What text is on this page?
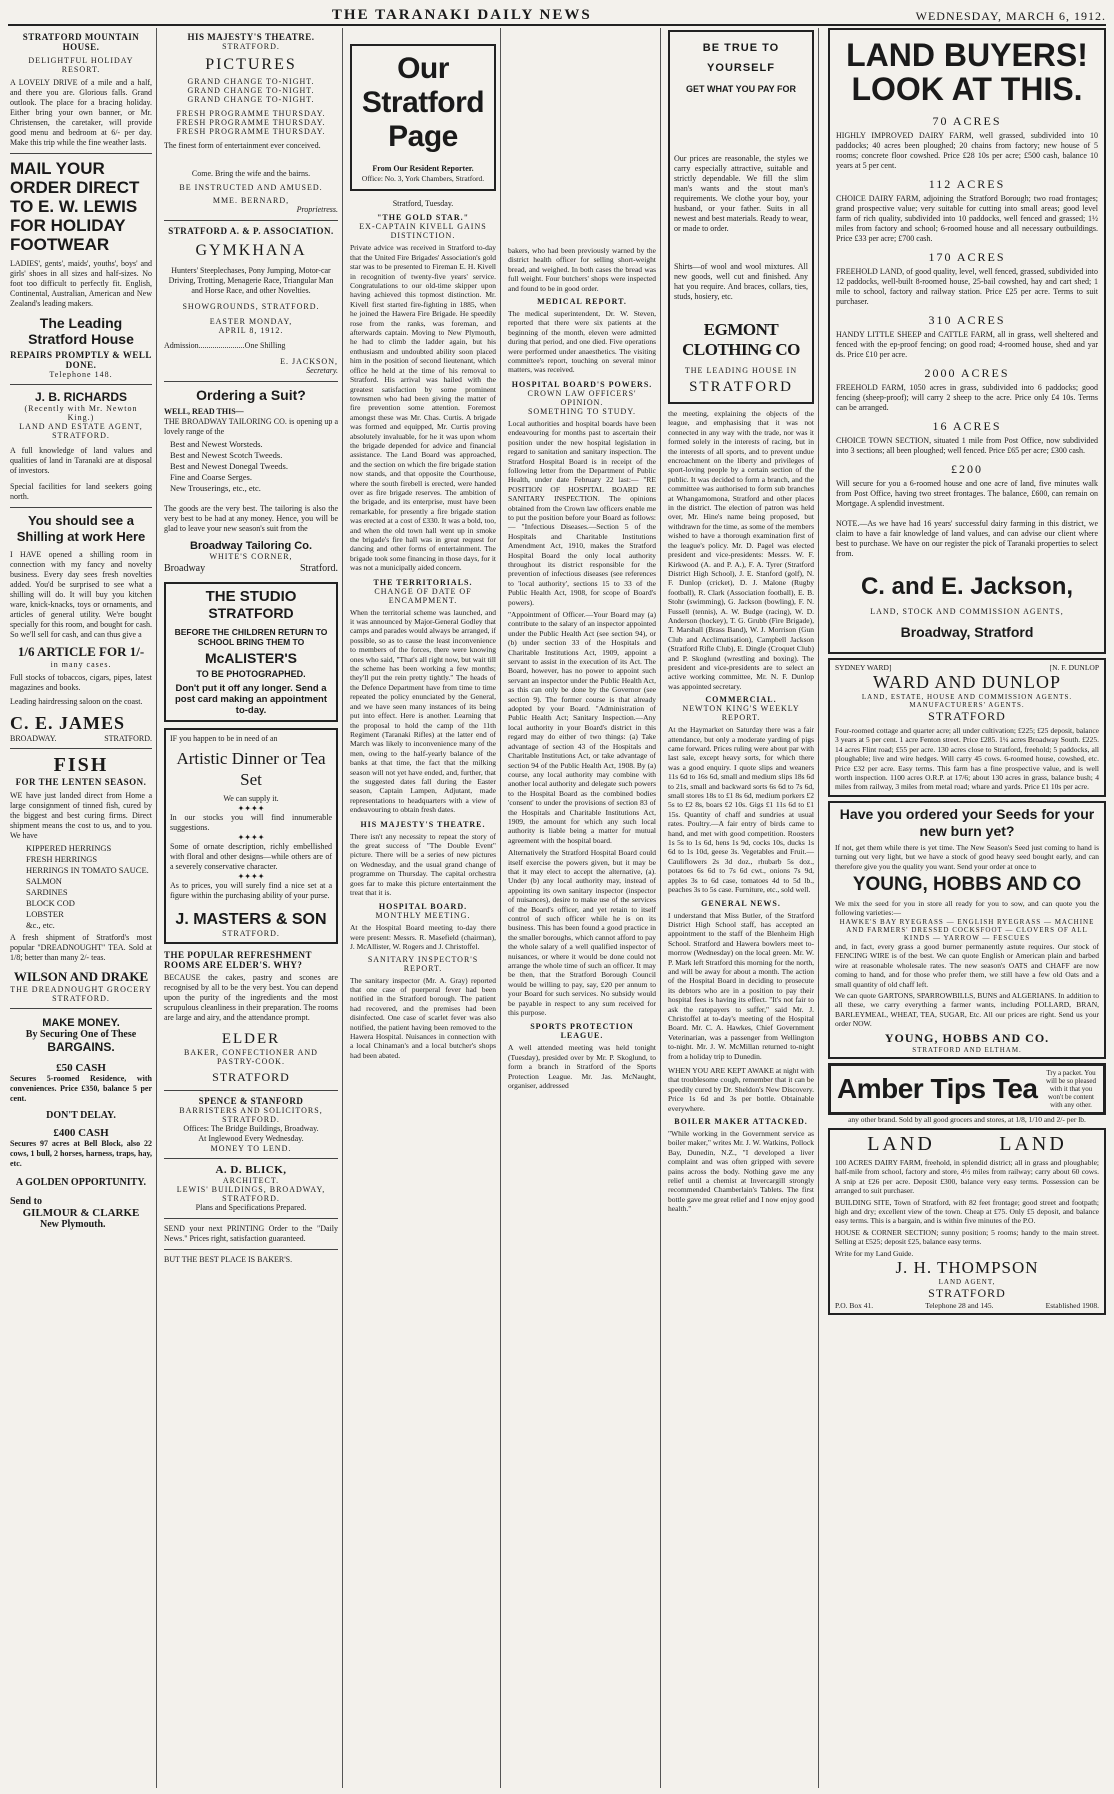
THE TARANAKI DAILY NEWS	WEDNESDAY, MARCH 6, 1912.
STRATFORD MOUNTAIN HOUSE.
DELIGHTFUL HOLIDAY RESORT.
A LOVELY DRIVE of a mile and a half, and there you are. Glorious falls. Grand outlook. The place for a bracing holiday. Either bring your own banner, or Mr. Christensen, the caretaker, will provide good menu and bedroom at 6/- per day. Make this trip while the fine weather lasts.
MAIL YOUR ORDER DIRECT TO E. W. LEWIS FOR HOLIDAY FOOTWEAR
LADIES', gents', maids', youths', boys' and girls' shoes in all sizes and half-sizes. No foot too difficult to perfectly fit. English, Continental, Australian, American and New Zealand's leading makers.
The Leading Stratford House
REPAIRS PROMPTLY & WELL DONE.
Telephone 148.
J. B. RICHARDS
(Recently with Mr. Newton King.)
LAND AND ESTATE AGENT,
STRATFORD.
A full knowledge of land values and qualities of land in Taranaki are at disposal of investors.
Special facilities for land seekers going north.
You should see a Shilling at work Here
I HAVE opened a shilling room in connection with my fancy and novelty business. Every day sees fresh novelties added. You'd be surprised to see what a shilling will do. It will buy you kitchen ware, knick-knacks, toys or ornaments, and articles of general utility. We're bought specially for this room, and bought for cash. So we'll sell for cash, and can thus give a
1/6 ARTICLE FOR 1/-
in many cases.
Full stocks of tobaccos, cigars, pipes, latest magazines and books.
Leading hairdressing saloon on the coast.
C. E. JAMES
BROADWAY.	STRATFORD.
FISH
FOR THE LENTEN SEASON.
WE have just landed direct from Home a large consignment of tinned fish, cured by the biggest and best curing firms. Direct shipment means the cost to us, and to you. We have
KIPPERED HERRINGS
FRESH HERRINGS
HERRINGS IN TOMATO SAUCE.
SALMON
SARDINES
BLOCK COD
LOBSTER
&c., etc.
A fresh shipment of Stratford's most popular "DREADNOUGHT" TEA. Sold at 1/8; better than many 2/- teas.
WILSON AND DRAKE
THE DREADNOUGHT GROCERY
STRATFORD.
MAKE MONEY.
By Securing One of These
BARGAINS.
£50 CASH
Secures 5-roomed Residence, with conveniences. Price £350, balance 5 per cent.
DON'T DELAY.
£400 CASH
Secures 97 acres at Bell Block, also 22 cows, 1 bull, 2 horses, harness, traps, hay, etc.
A GOLDEN OPPORTUNITY.
Send to
GILMOUR & CLARKE
New Plymouth.
HIS MAJESTY'S THEATRE.
STRATFORD.
PICTURES
GRAND CHANGE TO-NIGHT.
GRAND CHANGE TO-NIGHT.
GRAND CHANGE TO-NIGHT.
FRESH PROGRAMME THURSDAY.
FRESH PROGRAMME THURSDAY.
FRESH PROGRAMME THURSDAY.
The finest form of entertainment ever conceived.
Come. Bring the wife and the bairns.
BE INSTRUCTED AND AMUSED.
MME. BERNARD,
Proprietress.
STRATFORD A. & P. ASSOCIATION.
GYMKHANA
Hunters' Steeplechases, Pony Jumping, Motor-car Driving, Trotting, Menagerie Race, Triangular Man and Horse Race, and other Novelties.
SHOWGROUNDS, STRATFORD.
EASTER MONDAY,
APRIL 8, 1912.
Admission.......................One Shilling
E. JACKSON,
Secretary.
Ordering a Suit?
WELL, READ THIS—
THE BROADWAY TAILORING CO. is opening up a lovely range of the
Best and Newest Worsteds.
Best and Newest Scotch Tweeds.
Best and Newest Donegal Tweeds.
Fine and Coarse Serges.
New Trouserings, etc., etc.
The goods are the very best. The tailoring is also the very best to be had at any money. Hence, you will be glad to leave your new season's suit from the
Broadway Tailoring Co.
WHITE'S CORNER,
Broadway	Stratford.
THE STUDIO
STRATFORD
BEFORE THE CHILDREN RETURN TO SCHOOL BRING THEM TO
McALISTER'S
TO BE PHOTOGRAPHED.
Don't put it off any longer. Send a post card making an appointment to-day.
IF you happen to be in need of an
Artistic Dinner or Tea Set
We can supply it.
✦✦✦✦
In our stocks you will find innumerable suggestions.
✦✦✦✦
Some of ornate description, richly embellished with floral and other designs—while others are of a severely conservative character.
✦✦✦✦
As to prices, you will surely find a nice set at a figure within the purchasing ability of your purse.
J. MASTERS & SON
STRATFORD.
THE POPULAR REFRESHMENT ROOMS ARE ELDER'S. WHY?
BECAUSE the cakes, pastry and scones are recognised by all to be the very best. You can depend upon the purity of the ingredients and the most scrupulous cleanliness in their preparation. The rooms are large and airy, and the attendance prompt.
ELDER
BAKER, CONFECTIONER AND PASTRY-COOK.
STRATFORD
SPENCE & STANFORD
BARRISTERS AND SOLICITORS, STRATFORD.
Offices: The Bridge Buildings, Broadway.
At Inglewood Every Wednesday.
MONEY TO LEND.
A. D. BLICK,
ARCHITECT.
LEWIS' BUILDINGS, BROADWAY, STRATFORD.
Plans and Specifications Prepared.
SEND your next PRINTING Order to the "Daily News." Prices right, satisfaction guaranteed.
BUT THE BEST PLACE IS BAKER'S.
Our Stratford Page
From Our Resident Reporter.
Office: No. 3, York Chambers, Stratford.
Stratford, Tuesday.
"THE GOLD STAR."
EX-CAPTAIN KIVELL GAINS DISTINCTION.
Private advice was received in Stratford to-day that the United Fire Brigades' Association's gold star was to be presented to Fireman E. H. Kivell in recognition of twenty-five years' service. Congratulations to our old-time skipper upon having achieved this topmost distinction. Mr. Kivell first started fire-fighting in 1885, when he joined the Hawera Fire Brigade. He speedily rose from the ranks, was foreman, and afterwards captain. Moving to New Plymouth, he had to climb the ladder again, but his enthusiasm and undoubted ability soon placed him in the position of second lieutenant, which office he held at the time of his removal to Stratford. His arrival was hailed with the greatest satisfaction by some prominent townsmen who had been giving the matter of fire prevention some attention. Foremost amongst these was Mr. Chas. Curtis. A brigade was formed and equipped, Mr. Curtis proving absolutely invaluable, for he it was upon whom the brigade depended for advice and financial assistance. The Land Board was approached, and the section on which the fire brigade station now stands, and that opposite the Courthouse, where the south firebell is erected, were handed over as fire brigade reserves. The ambition of the brigade, and its enterprise, must have been remarkable, for presently a fire brigade station was erected at a cost of £330. It was a bold, too, and when the old town hall went up in smoke the brigade's fire hall was in great request for dancing and other forms of entertainment. The brigade took some financing in those days, for it was not a municipally aided concern.
THE TERRITORIALS.
CHANGE OF DATE OF ENCAMPMENT.
When the territorial scheme was launched, and it was announced by Major-General Godley that camps and parades would always be arranged, if possible, so as to cause the least inconvenience to members of the forces, there were knowing ones who said, "That's all right now, but wait till the scheme has been working a few months; they'll put the rein pretty tightly." The heads of the Defence Department have from time to time repeated the policy enunciated by the General, and we have seen many instances of its being put into effect. Here is another. Learning that the proposal to hold the camp of the 11th Regiment (Taranaki Rifles) at the latter end of March was likely to inconvenience many of the men, owing to the half-yearly balance of the banks at that time, the fact that the milking season will not yet have ended, and, further, that the suggested dates fall during the Easter season, Captain Lampen, Adjutant, made representations to headquarters with a view of endeavouring to obtain fresh dates.
HIS MAJESTY'S THEATRE.
There isn't any necessity to repeat the story of the great success of "The Double Event" picture. There will be a series of new pictures on Wednesday, and the usual grand change of programme on Thursday. The capital orchestra goes far to make this picture entertainment the treat that it is.
HOSPITAL BOARD.
MONTHLY MEETING.
At the Hospital Board meeting to-day there were present: Messrs. R. Masefield (chairman), J. McAllister, W. Rogers and J. Christoffel.
SANITARY INSPECTOR'S REPORT.
The sanitary inspector (Mr. A. Gray) reported that one case of puerperal fever had been notified in the Stratford borough. The patient had recovered, and the premises had been disinfected. One case of scarlet fever was also notified, the patient having been removed to the Hawera Hospital. Nuisances in connection with a local Chinaman's and a local butcher's shops had been abated.
bakers, who had been previously warned by the district health officer for selling short-weight bread, and weighed. In both cases the bread was full weight. Four butchers' shops were inspected and found to be in good order.
MEDICAL REPORT.
The medical superintendent, Dr. W. Steven, reported that there were six patients at the beginning of the month, eleven were admitted during that period, and one died. Five operations were performed under anaesthetics. The visiting committee's report, touching on several minor matters, was received.
HOSPITAL BOARD'S POWERS.
CROWN LAW OFFICERS' OPINION.
SOMETHING TO STUDY.
Local authorities and hospital boards have been endeavouring for months past to ascertain their position under the new hospital legislation in regard to sanitation and sanitary inspection. The Stratford Hospital Board is in receipt of the following letter from the Department of Public Health, under date February 22 last:— "RE POSITION OF HOSPITAL BOARD RE SANITARY INSPECTION. The opinions obtained from the Crown law officers enable me to put the position before your Board as follows:— "Infectious Diseases.—Section 5 of the Hospitals and Charitable Institutions Amendment Act, 1910, makes the Stratford Hospital Board the only local authority throughout its district responsible for the prevention of infectious diseases (see references to 'local authority', sections 15 to 33 of the Public Health Act, 1908, for scope of Board's powers).
"Appointment of Officer.—Your Board may (a) contribute to the salary of an inspector appointed under the Public Health Act (see section 94), or (b) under section 33 of the Hospitals and Charitable Institutions Act, 1909, appoint a servant to assist in the execution of its Act. The Board, however, has no power to appoint such servant an inspector under the Public Health Act, as this can only be done by the Governor (see section 9). The former course is that already adopted by your Board. "Administration of Public Health Act; Sanitary Inspection.—Any local authority in your Board's district in this regard may do either of two things: (a) Take advantage of section 43 of the Hospitals and Charitable Institutions Act, or take advantage of section 94 of the Public Health Act, 1908. By (a) course, any local authority may combine with another local authority and delegate such powers to the Hospital Board as the combined bodies 'consent' to under the provisions of section 83 of the Hospitals and Charitable Institutions Act, 1909, the amount for which any such local authority is liable being a matter for mutual agreement with the hospital board.
Alternatively the Stratford Hospital Board could itself exercise the powers given, but it may be that it may elect to accept the alternative, (a). Under (b) any local authority may, instead of appointing its own sanitary inspector (inspector of nuisances), desire to make use of the services of the Board's officer, and yet retain to itself control of such officer while he is on its business. This has been found a good practice in the smaller boroughs, which cannot afford to pay the whole salary of a well qualified inspector of nuisances, or where it would be done could not arrange the whole time of such an officer. It may be then, that the Stratford Borough Council would be willing to pay, say, £20 per annum to your Board for such services. No subsidy would be payable in respect to any sum received for this purpose.
SPORTS PROTECTION LEAGUE.
A well attended meeting was held tonight (Tuesday), presided over by Mr. P. Skoglund, to form a branch in Stratford of the Sports Protection League. Mr. Jas. McNaught, organiser, addressed
BE TRUE TO YOURSELF
GET WHAT YOU PAY FOR
Our prices are reasonable, the styles we carry especially attractive, suitable and strictly dependable. We fill the slim man's wants and the stout man's requirements. We clothe your boy, your husband, or your father. Suits in all newest and best materials. Ready to wear, or made to order.
Shirts—of wool and wool mixtures. All new goods, well cut and finished. Any hat you require. And braces, collars, ties, studs, hosiery, etc.
EGMONT CLOTHING CO
THE LEADING HOUSE IN
STRATFORD
the meeting, explaining the objects of the league, and emphasising that it was not connected in any way with the trade, nor was it formed solely in the interests of racing, but in the interests of all sports, and to prevent undue encroachment on the liberty and privileges of sport-loving people by a certain section of the public. It was decided to form a branch, and the committee was authorised to form sub branches at Whangamomona, Stratford and other places in the district. The election of patron was held over, Mr. Hine's name being proposed, but withdrawn for the time, as some of the members wished to have a thorough examination first of the league's policy. Mr. D. Pagel was elected president and vice-presidents: Messrs. W. F. Kirkwood (A. and P. A.), F. A. Tyrer (Stratford District High School), J. E. Stanford (golf), N. F. Dunlop (cricket), D. J. Malone (Rugby football), R. Clark (Association football), E. B. Stohr (swimming), G. Jackson (bowling), F. N. Fussell (tennis), A. W. Budge (racing), W. D. Anderson (hockey), T. G. Grubb (Fire Brigade), T. Marshall (Brass Band), W. J. Morrison (Gun Club and Acclimatisation), Campbell Jackson (Stratford Rifle Club), E. Dingle (Croquet Club) and P. Skoglund (wrestling and boxing). The president and vice-presidents are to select an active working committee, Mr. N. F. Dunlop was appointed secretary.
COMMERCIAL.
NEWTON KING'S WEEKLY REPORT.
At the Haymarket on Saturday there was a fair attendance, but only a moderate yarding of pigs came forward. Prices ruling were about par with last sale, except heavy sorts, for which there was a good enquiry. I quote slips and weaners 11s 6d to 16s 6d, small and medium slips 18s 6d to 21s, small and backward sorts 6s 6d to 7s 6d, small stores 18s to £1 8s 6d, medium porkers £2 5s to £2 8s, boars £2 10s. Gigs £1 11s 6d to £1 15s. Quantity of chaff and sundries at usual rates. Poultry.—A fair entry of birds came to hand, and met with good competition. Roosters 1s 5s to 1s 6d, hens 1s 9d, cocks 10s, ducks 1s 6d to 1s 10d, geese 3s. Vegetables and Fruit.—Cauliflowers 2s 3d doz., rhubarb 5s doz., potatoes 6s 6d to 7s 6d cwt., onions 7s 9d, apples 3s to 6d case, tomatoes 4d to 5d lb., peaches 3s to 5s case. Furniture, etc., sold well.
GENERAL NEWS.
I understand that Miss Butler, of the Stratford District High School staff, has accepted an appointment to the staff of the Blenheim High School. Stratford and Hawera bowlers meet to-morrow (Wednesday) on the local green. Mr. W. P. Mark left Stratford this morning for the north, and will be away for about a month. The action of the Hospital Board in deciding to prosecute its debtors who are in a position to pay their hospital fees is having its effect. "It's not fair to ask the ratepayers to suffer," said Mr. J. Christoffel at to-day's meeting of the Hospital Board. Mr. C. A. Hawkes, Chief Government Veterinarian, was a passenger from Wellington to-night. Mr. J. W. McMillan returned to-night from a holiday trip to Dunedin.
WHEN YOU ARE KEPT AWAKE at night with that troublesome cough, remember that it can be speedily cured by Dr. Sheldon's New Discovery. Price 1s 6d and 3s per bottle. Obtainable everywhere.
BOILER MAKER ATTACKED.
"While working in the Government service as boiler maker," writes Mr. J. W. Watkins, Pollock Bay, Dunedin, N.Z., "I developed a liver complaint and was often gripped with severe pains across the body. Nothing gave me any relief until a chemist at Invercargill strongly recommended Chamberlain's Tablets. The first bottle gave me great relief and I now enjoy good health."
LAND BUYERS!
LOOK AT THIS.
70 ACRES
HIGHLY IMPROVED DAIRY FARM, well grassed, subdivided into 10 paddocks; 40 acres been ploughed; 20 chains from factory; new house of 5 rooms; concrete floor cowshed. Price £28 10s per acre; £500 cash, balance 10 years at 5 per cent.
112 ACRES
CHOICE DAIRY FARM, adjoining the Stratford Borough; two road frontages; grand prospective value; very suitable for cutting into small areas; good level farm of rich quality, subdivided into 10 paddocks, well fenced and grassed; 1½ miles from factory and school; 6-roomed house and all necessary outbuildings. Price £33 per acre; £700 cash.
170 ACRES
FREEHOLD LAND, of good quality, level, well fenced, grassed, subdivided into 12 paddocks, well-built 8-roomed house, 25-bail cowshed, hay and cart shed; 1 mile to school, factory and railway station. Price £25 per acre. Terms to suit purchaser.
310 ACRES
HANDY LITTLE SHEEP and CATTLE FARM, all in grass, well sheltered and fenced with the ep-proof fencing; on good road; 4-roomed house, shed and yar ds. Price £10 per acre.
2000 ACRES
FREEHOLD FARM, 1050 acres in grass, subdivided into 6 paddocks; good fencing (sheep-proof); will carry 2 sheep to the acre. Price only £4 10s. Terms can be arranged.
16 ACRES
CHOICE TOWN SECTION, situated 1 mile from Post Office, now subdivided into 3 sections; all been ploughed; well fenced. Price £65 per acre; £300 cash.
£200
Will secure for you a 6-roomed house and one acre of land, five minutes walk from Post Office, having two street frontages. The balance, £600, can remain on Mortgage. A splendid investment.
NOTE.—As we have had 16 years' successful dairy farming in this district, we claim to have a fair knowledge of land values, and can advise our client where best to purchase. We have on our register the pick of Taranaki properties to select from.
C. and E. Jackson,
LAND, STOCK AND COMMISSION AGENTS,
Broadway, Stratford
SYDNEY WARD]	[N. F. DUNLOP
WARD AND DUNLOP
LAND, ESTATE, HOUSE AND COMMISSION AGENTS. MANUFACTURERS' AGENTS.
STRATFORD
Four-roomed cottage and quarter acre; all under cultivation; £225; £25 deposit, balance 3 years at 5 per cent. 1 acre Fenton street. Price £285. 1¼ acres Broadway South. £225. 14 acres Flint road; £55 per acre. 130 acres close to Stratford, freehold; 5 paddocks, all ploughable; live and wire hedges. Will carry 45 cows. 6-roomed house, cowshed, etc. Price £32 per acre. Easy terms. This farm has a fine prospective value, and is well worth inspection. 1100 acres O.R.P. at 17/6; about 130 acres in grass, balance bush; 4 miles from railway, 3 miles from metal road; whare and yards. Price £1 10s per acre.
Have you ordered your Seeds for your new burn yet?
If not, get them while there is yet time. The New Season's Seed just coming to hand is turning out very light, but we have a stock of good heavy seed bought early, and can therefore give you the quality you want. Send your order at once to
YOUNG, HOBBS AND CO
We mix the seed for you in store all ready for you to sow, and can quote you the following varieties:—
HAWKE'S BAY RYEGRASS — ENGLISH RYEGRASS — MACHINE AND FARMERS' DRESSED COCKSFOOT — CLOVERS OF ALL KINDS — YARROW — FESCUES
and, in fact, every grass a good burner permanently astute requires. Our stock of FENCING WIRE is of the best. We can quote English or American plain and barbed wire at reasonable wholesale rates. The new season's OATS and CHAFF are now coming to hand, and for those who prefer them, we still have a few old Oats and a small quantity of old chaff left.
We can quote GARTONS, SPARROWBILLS, BUNS and ALGERIANS. In addition to all these, we carry everything a farmer wants, including POLLARD, BRAN, BARLEYMEAL, WHEAT, TEA, SUGAR, Etc. All our prices are right. Send us your order NOW.
YOUNG, HOBBS AND CO.
STRATFORD AND ELTHAM.
Amber Tips Tea Try a packet. You will be so pleased with it that you won't be content with any other.
any other brand. Sold by all good grocers and stores, at 1/8, 1/10 and 2/- per lb.
LAND	LAND
100 ACRES DAIRY FARM, freehold, in splendid district; all in grass and ploughable; half-mile from school, factory and store, 4½ miles from railway; carry about 60 cows. A snip at £26 per acre. Deposit £300, balance very easy terms. Possession can be arranged to suit purchaser.
BUILDING SITE, Town of Stratford, with 82 feet frontage; good street and footpath; high and dry; excellent view of the town. Cheap at £75. Only £5 deposit, and balance easy terms. This is a bargain, and is within five minutes of the P.O.
HOUSE & CORNER SECTION; sunny position; 5 rooms; handy to the main street. Selling at £525; deposit £25, balance easy terms.
Write for my Land Guide.
J. H. THOMPSON
LAND AGENT,
STRATFORD
P.O. Box 41.	Telephone 28 and 145.	Established 1908.
